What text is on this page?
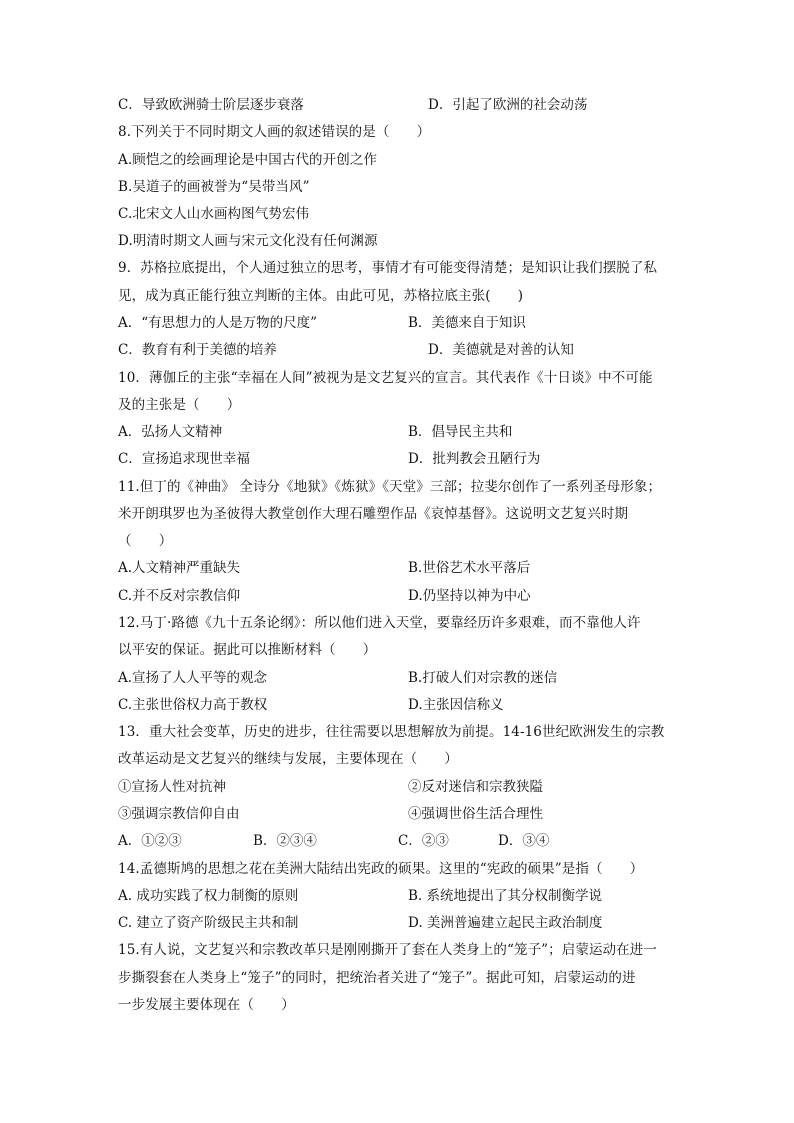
C．导致欧洲骑士阶层逐步衰落	D．引起了欧洲的社会动荡
8.下列关于不同时期文人画的叙述错误的是（　　）
A.顾恺之的绘画理论是中国古代的开创之作
B.吴道子的画被誉为“吴带当风”
C.北宋文人山水画构图气势宏伟
D.明清时期文人画与宋元文化没有任何渊源
9．苏格拉底提出，个人通过独立的思考，事情才有可能变得清楚；是知识让我们摆脱了私
见，成为真正能行独立判断的主体。由此可见，苏格拉底主张(　　)
A．“有思想力的人是万物的尺度”	B．美德来自于知识
C．教育有利于美德的培养	D．美德就是对善的认知
10．薄伽丘的主张“幸福在人间”被视为是文艺复兴的宣言。其代表作《十日谈》中不可能
及的主张是（　　）
A．弘扬人文精神	B．倡导民主共和
C．宣扬追求现世幸福	D．批判教会丑陋行为
11.但丁的《神曲》 全诗分《地狱》《炼狱》《天堂》三部；拉斐尔创作了一系列圣母形象；
米开朗琪罗也为圣彼得大教堂创作大理石雕塑作品《哀悼基督》。这说明文艺复兴时期
（　　）
A.人文精神严重缺失	B.世俗艺术水平落后
C.并不反对宗教信仰	D.仍坚持以神为中心
12.马丁·路德《九十五条论纲》：所以他们进入天堂，要靠经历许多艰难，而不靠他人许
以平安的保证。据此可以推断材料（　　）
A.宣扬了人人平等的观念	B.打破人们对宗教的迷信
C.主张世俗权力高于教权	D.主张因信称义
13．重大社会变革，历史的进步，往往需要以思想解放为前提。14-16世纪欧洲发生的宗教
改革运动是文艺复兴的继续与发展，主要体现在（　　）
①宣扬人性对抗神	②反对迷信和宗教狭隘
③强调宗教信仰自由	④强调世俗生活合理性
A．①②③	B．②③④	C．②③	D．③④
14.孟德斯鸠的思想之花在美洲大陆结出宪政的硕果。这里的“宪政的硕果”是指（　　）
A. 成功实践了权力制衡的原则	B. 系统地提出了其分权制衡学说
C. 建立了资产阶级民主共和制	D. 美洲普遍建立起民主政治制度
15.有人说，文艺复兴和宗教改革只是刚刚撕开了套在人类身上的“笼子”；启蒙运动在进一
步撕裂套在人类身上“笼子”的同时，把统治者关进了“笼子”。据此可知，启蒙运动的进
一步发展主要体现在（　　）
